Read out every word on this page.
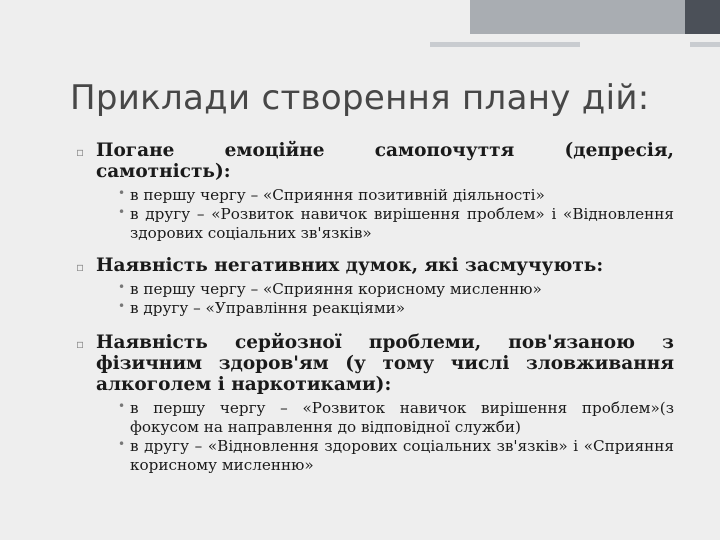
Приклади створення плану дій:
▫ Погане емоційне самопочуття (депресія, самотність):

• в першу чергу – «Сприяння позитивній діяльності»

• в другу – «Розвиток навичок вирішення проблем» і «Відновлення здорових соціальних зв'язків»

▫ Наявність негативних думок, які засмучують:

• в першу чергу – «Сприяння корисному мисленню»

• в другу – «Управління реакціями»

▫ Наявність серйозної проблеми, пов'язаною з фізичним здоров'ям (у тому числі зловживання алкоголем і наркотиками):

• в першу чергу – «Розвиток навичок вирішення проблем»(з фокусом на направлення до відповідної служби)

• в другу – «Відновлення здорових соціальних зв'язків» і «Сприяння корисному мисленню»
